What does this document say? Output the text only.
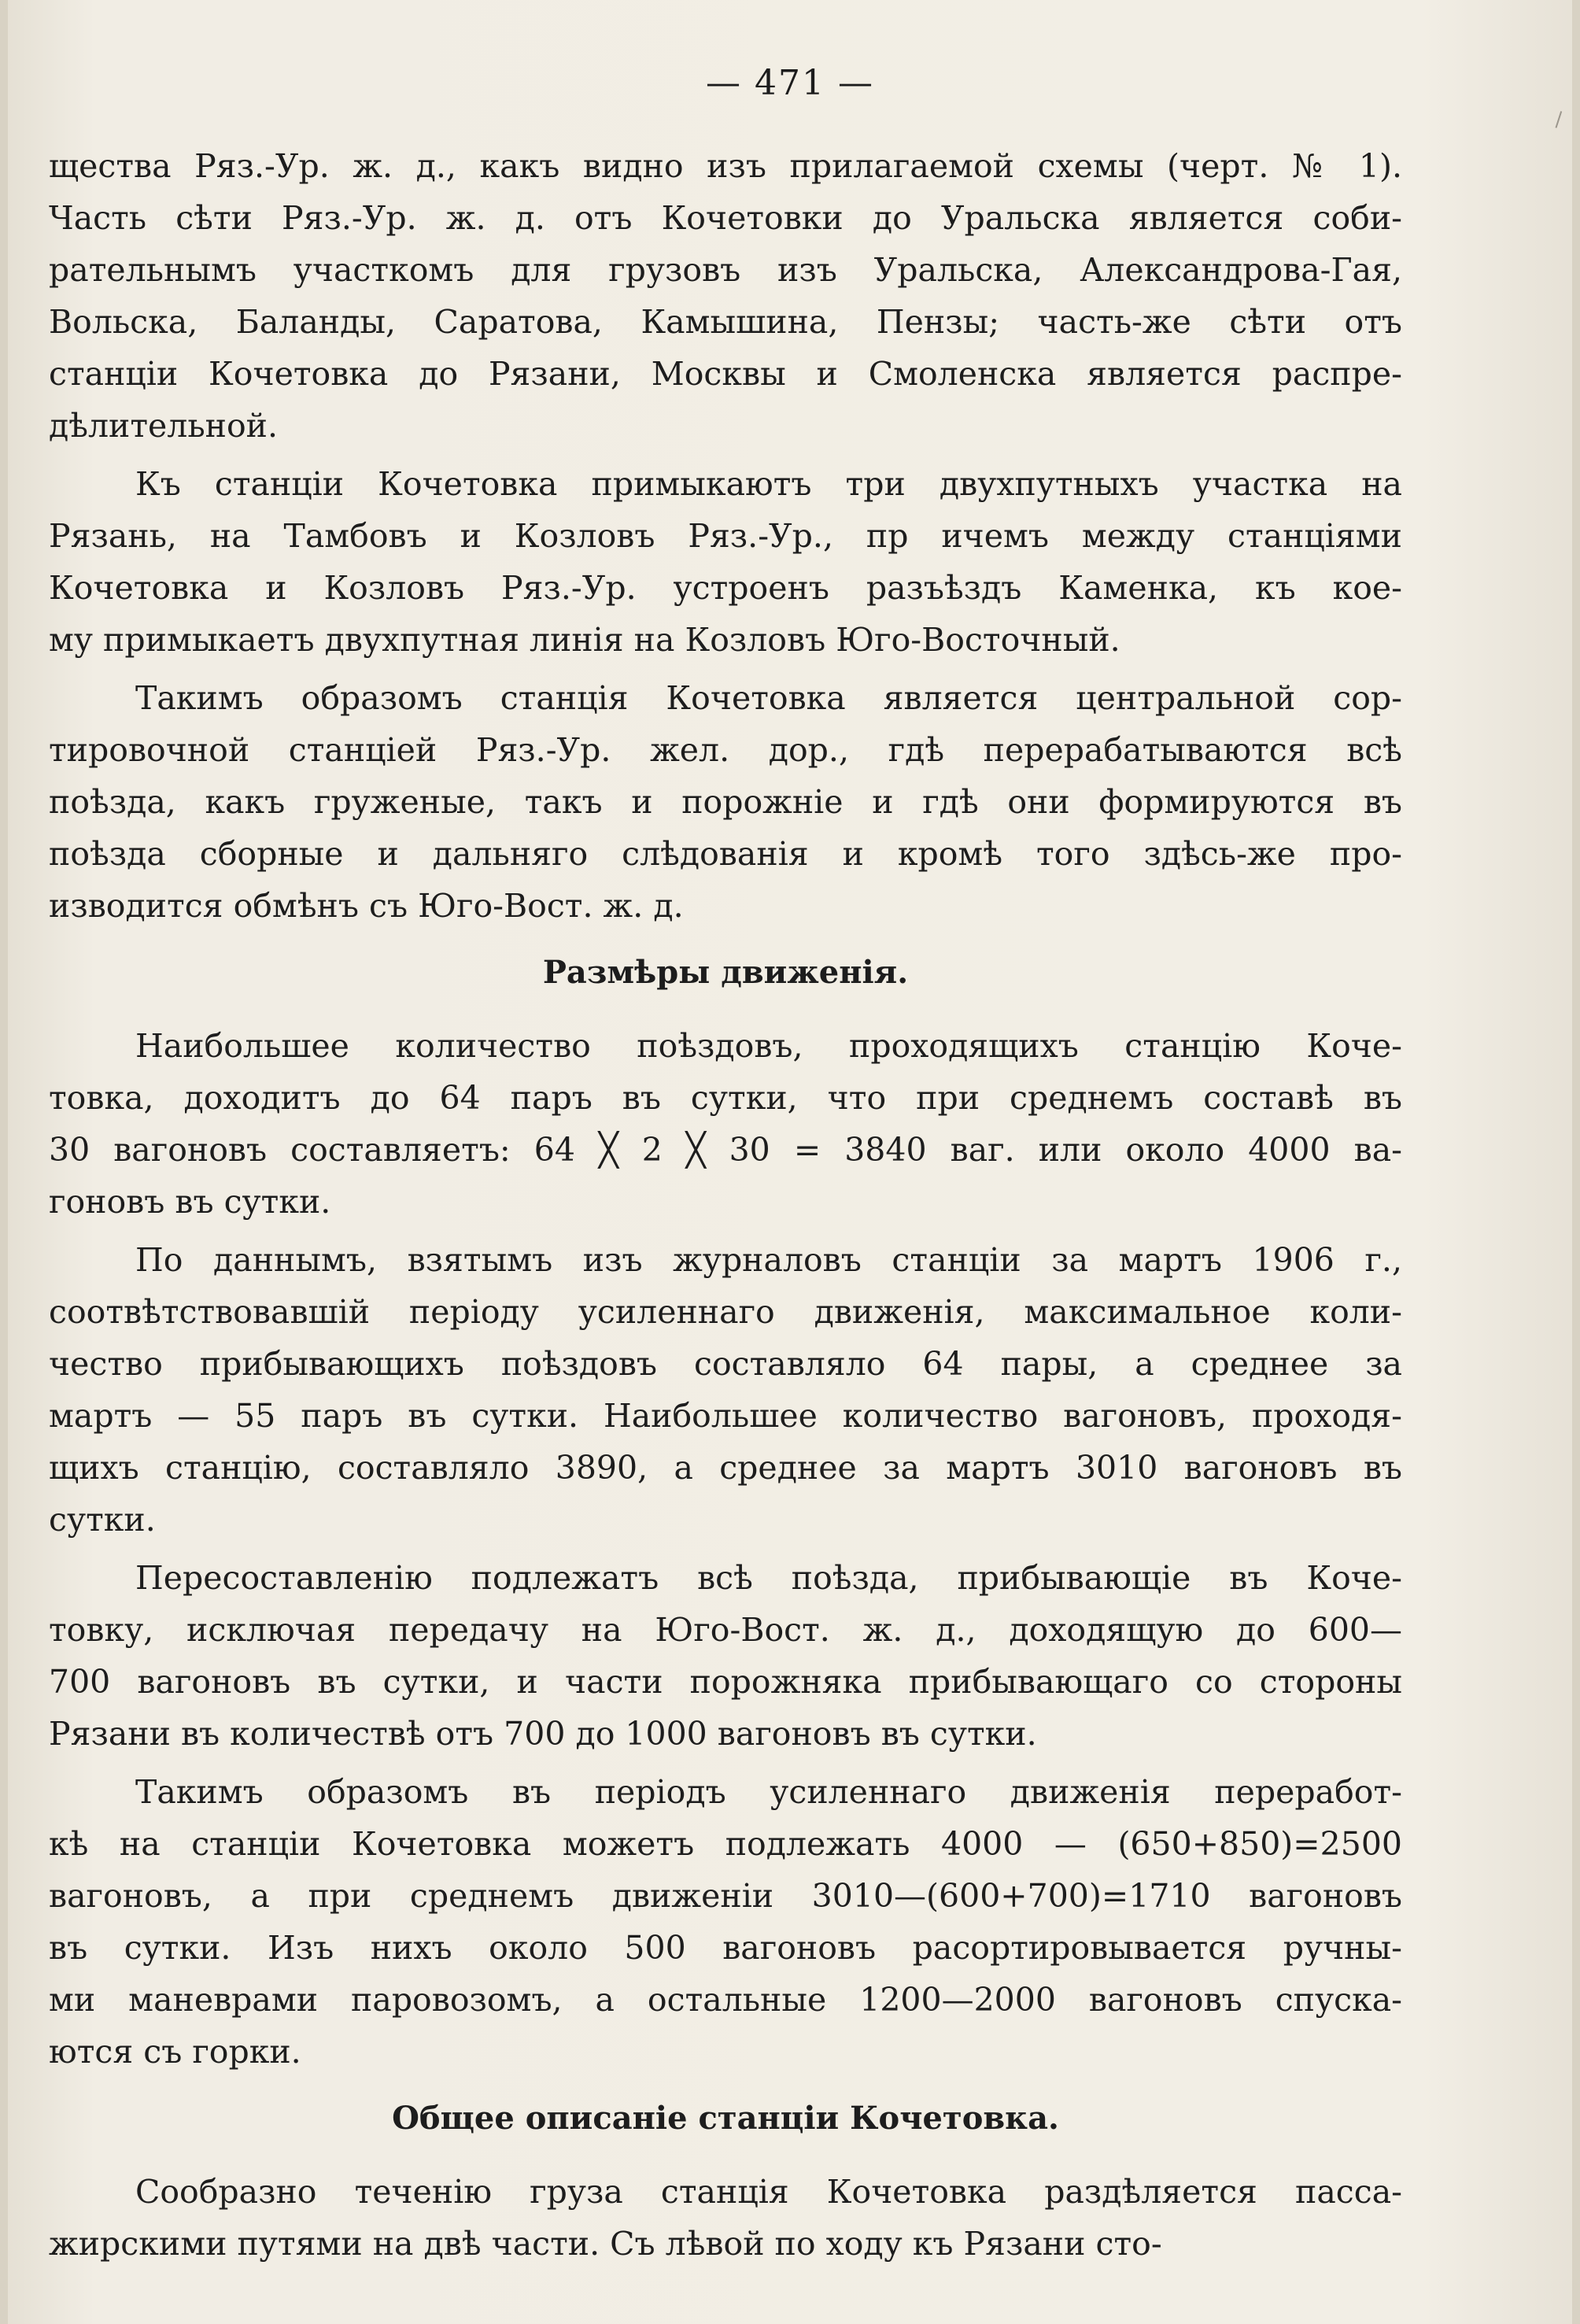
— 471 —
щества Ряз.-Ур. ж. д., какъ видно изъ прилагаемой схемы (черт. № 1).
Часть сѣти Ряз.-Ур. ж. д. отъ Кочетовки до Уральска является соби-
рательнымъ участкомъ для грузовъ изъ Уральска, Александрова-Гая,
Вольска, Баланды, Саратова, Камышина, Пензы; часть-же сѣти отъ
станціи Кочетовка до Рязани, Москвы и Смоленска является распре-
дѣлительной.
Къ станціи Кочетовка примыкаютъ три двухпутныхъ участка на
Рязань, на Тамбовъ и Козловъ Ряз.-Ур., пр ичемъ между станціями
Кочетовка и Козловъ Ряз.-Ур. устроенъ разъѣздъ Каменка, къ кое-
му примыкаетъ двухпутная линія на Козловъ Юго-Восточный.
Такимъ образомъ станція Кочетовка является центральной сор-
тировочной станціей Ряз.-Ур. жел. дор., гдѣ перерабатываются всѣ
поѣзда, какъ груженые, такъ и порожніе и гдѣ они формируются въ
поѣзда сборные и дальняго слѣдованія и кромѣ того здѣсь-же про-
изводится обмѣнъ съ Юго-Вост. ж. д.
Размѣры движенія.
Наибольшее количество поѣздовъ, проходящихъ станцію Коче-
товка, доходитъ до 64 паръ въ сутки, что при среднемъ составѣ въ
30 вагоновъ составляетъ: 64 ╳ 2 ╳ 30 = 3840 ваг. или около 4000 ва-
гоновъ въ сутки.
По даннымъ, взятымъ изъ журналовъ станціи за мартъ 1906 г.,
соотвѣтствовавшій періоду усиленнаго движенія, максимальное коли-
чество прибывающихъ поѣздовъ составляло 64 пары, а среднее за
мартъ — 55 паръ въ сутки. Наибольшее количество вагоновъ, проходя-
щихъ станцію, составляло 3890, а среднее за мартъ 3010 вагоновъ въ
сутки.
Пересоставленію подлежатъ всѣ поѣзда, прибывающіе въ Коче-
товку, исключая передачу на Юго-Вост. ж. д., доходящую до 600—
700 вагоновъ въ сутки, и части порожняка прибывающаго со стороны
Рязани въ количествѣ отъ 700 до 1000 вагоновъ въ сутки.
Такимъ образомъ въ періодъ усиленнаго движенія переработ-
кѣ на станціи Кочетовка можетъ подлежать 4000 — (650+850)=2500
вагоновъ, а при среднемъ движеніи 3010—(600+700)=1710 вагоновъ
въ сутки. Изъ нихъ около 500 вагоновъ расортировывается ручны-
ми маневрами паровозомъ, а остальные 1200—2000 вагоновъ спуска-
ются съ горки.
Общее описаніе станціи Кочетовка.
Сообразно теченію груза станція Кочетовка раздѣляется пасса-
жирскими путями на двѣ части. Съ лѣвой по ходу къ Рязани сто-
